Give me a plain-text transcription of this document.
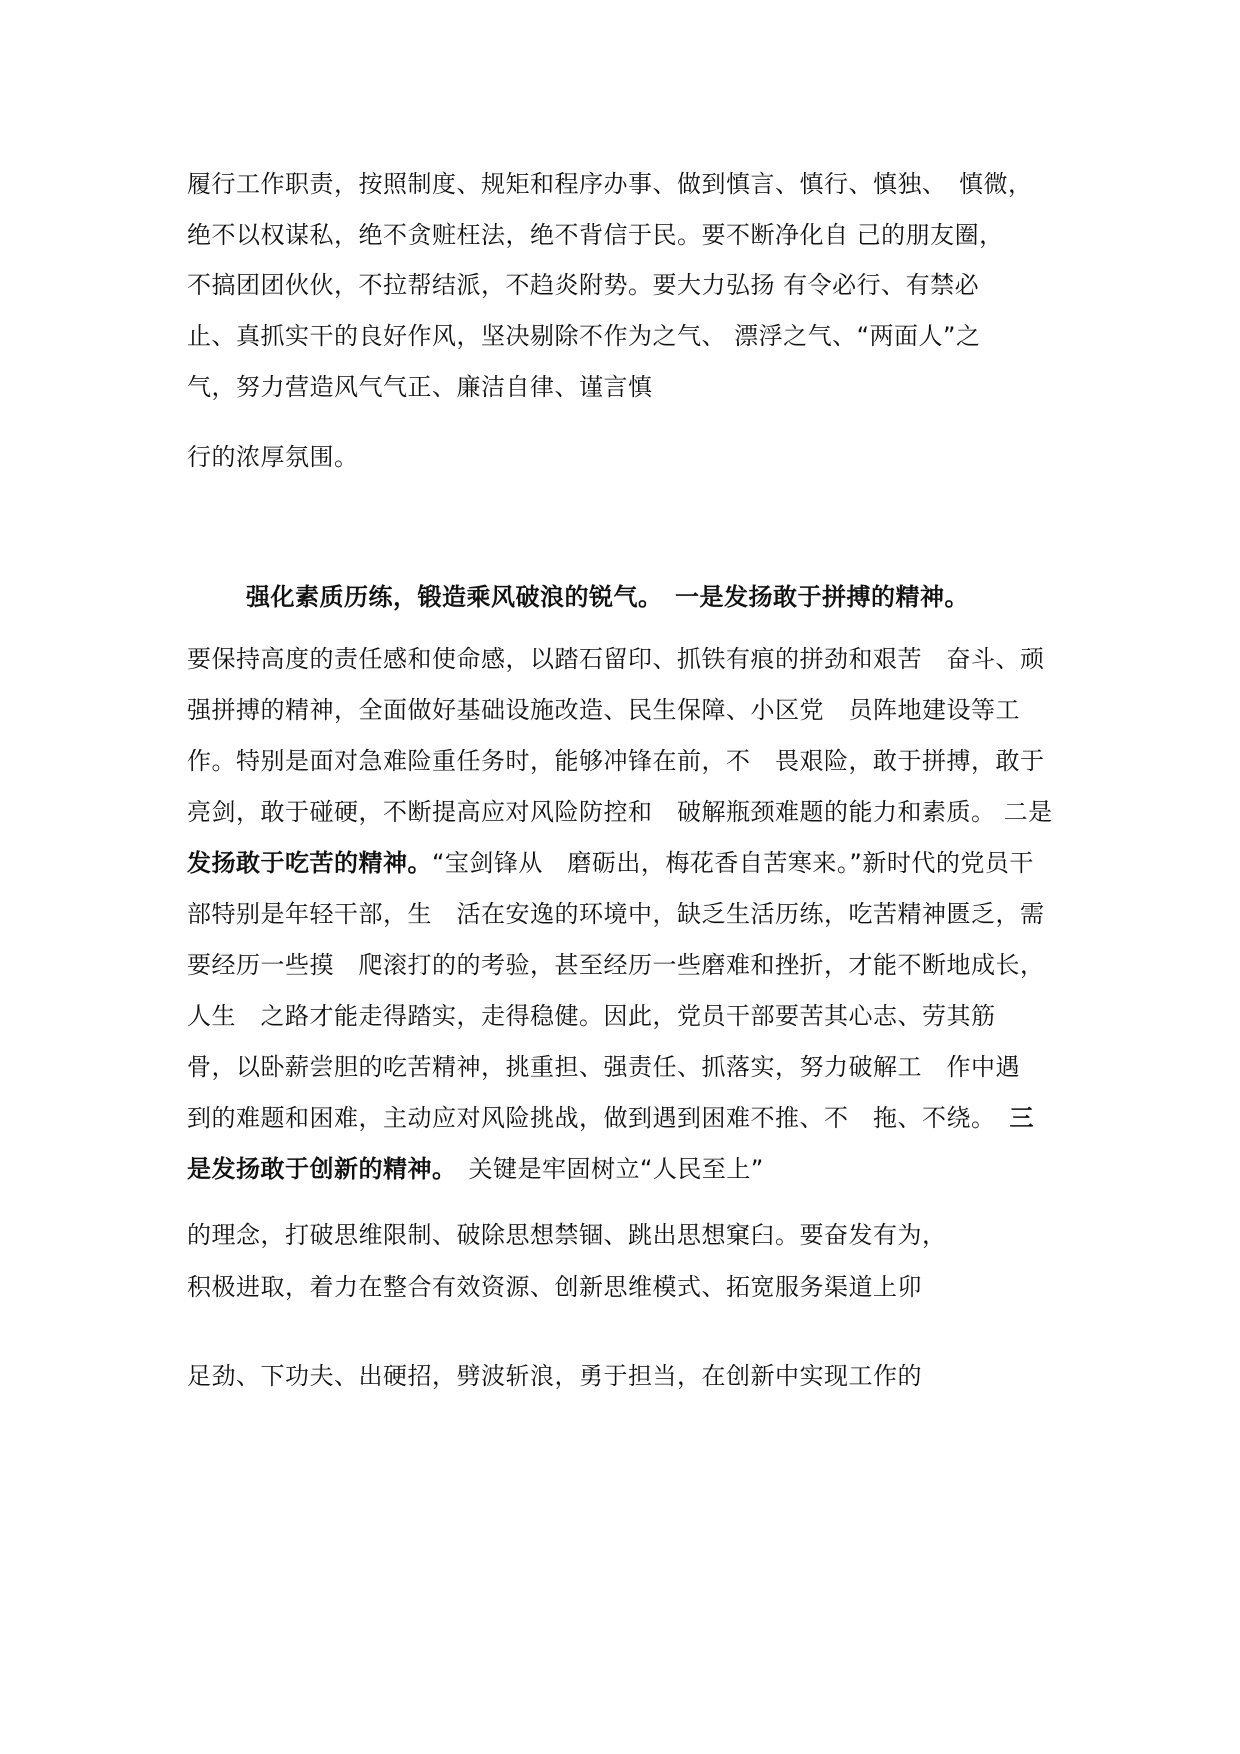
履行工作职责，按照制度、规矩和程序办事、做到慎言、慎行、慎独、　慎微，
绝不以权谋私，绝不贪赃枉法，绝不背信于民。要不断净化自 己的朋友圈，
不搞团团伙伙，不拉帮结派，不趋炎附势。要大力弘扬 有令必行、有禁必
止、真抓实干的良好作风，坚决剔除不作为之气、 漂浮之气、“两面人”之
气，努力营造风气气正、廉洁自律、谨言慎
行的浓厚氛围。
强化素质历练，锻造乘风破浪的锐气。　一是发扬敢于拼搏的精神。
要保持高度的责任感和使命感，以踏石留印、抓铁有痕的拼劲和艰苦　奋斗、顽
强拼搏的精神，全面做好基础设施改造、民生保障、小区党　员阵地建设等工
作。特别是面对急难险重任务时，能够冲锋在前，不　畏艰险，敢于拼搏，敢于
亮剑，敢于碰硬，不断提高应对风险防控和　破解瓶颈难题的能力和素质。 二是
发扬敢于吃苦的精神。“宝剑锋从　磨砺出，梅花香自苦寒来。”新时代的党员干
部特别是年轻干部，生　活在安逸的环境中，缺乏生活历练，吃苦精神匮乏，需
要经历一些摸　爬滚打的的考验，甚至经历一些磨难和挫折，才能不断地成长，
人生　之路才能走得踏实，走得稳健。因此，党员干部要苦其心志、劳其筋
骨，以卧薪尝胆的吃苦精神，挑重担、强责任、抓落实，努力破解工　作中遇
到的难题和困难，主动应对风险挑战，做到遇到困难不推、不　拖、不绕。 三
是发扬敢于创新的精神。 关键是牢固树立“人民至上”
的理念，打破思维限制、破除思想禁锢、跳出思想窠臼。要奋发有为，
积极进取，着力在整合有效资源、创新思维模式、拓宽服务渠道上卯
足劲、下功夫、出硬招，劈波斩浪，勇于担当，在创新中实现工作的
